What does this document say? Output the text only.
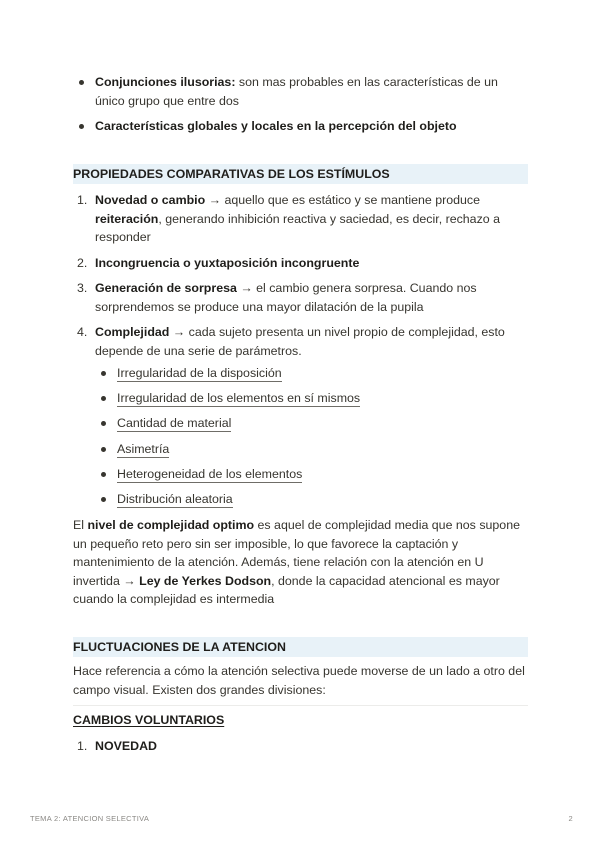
Conjunciones ilusorias: son mas probables en las características de un único grupo que entre dos
Características globales y locales en la percepción del objeto
PROPIEDADES COMPARATIVAS DE LOS ESTÍMULOS
1. Novedad o cambio → aquello que es estático y se mantiene produce reiteración, generando inhibición reactiva y saciedad, es decir, rechazo a responder
2. Incongruencia o yuxtaposición incongruente
3. Generación de sorpresa → el cambio genera sorpresa. Cuando nos sorprendemos se produce una mayor dilatación de la pupila
4. Complejidad → cada sujeto presenta un nivel propio de complejidad, esto depende de una serie de parámetros.
Irregularidad de la disposición
Irregularidad de los elementos en sí mismos
Cantidad de material
Asimetría
Heterogeneidad de los elementos
Distribución aleatoria

El nivel de complejidad optimo es aquel de complejidad media que nos supone un pequeño reto pero sin ser imposible, lo que favorece la captación y mantenimiento de la atención. Además, tiene relación con la atención en U invertida → Ley de Yerkes Dodson, donde la capacidad atencional es mayor cuando la complejidad es intermedia

FLUCTUACIONES DE LA ATENCION

Hace referencia a cómo la atención selectiva puede moverse de un lado a otro del campo visual. Existen dos grandes divisiones:

CAMBIOS VOLUNTARIOS
1. NOVEDAD
TEMA 2: ATENCION SELECTIVA	2
